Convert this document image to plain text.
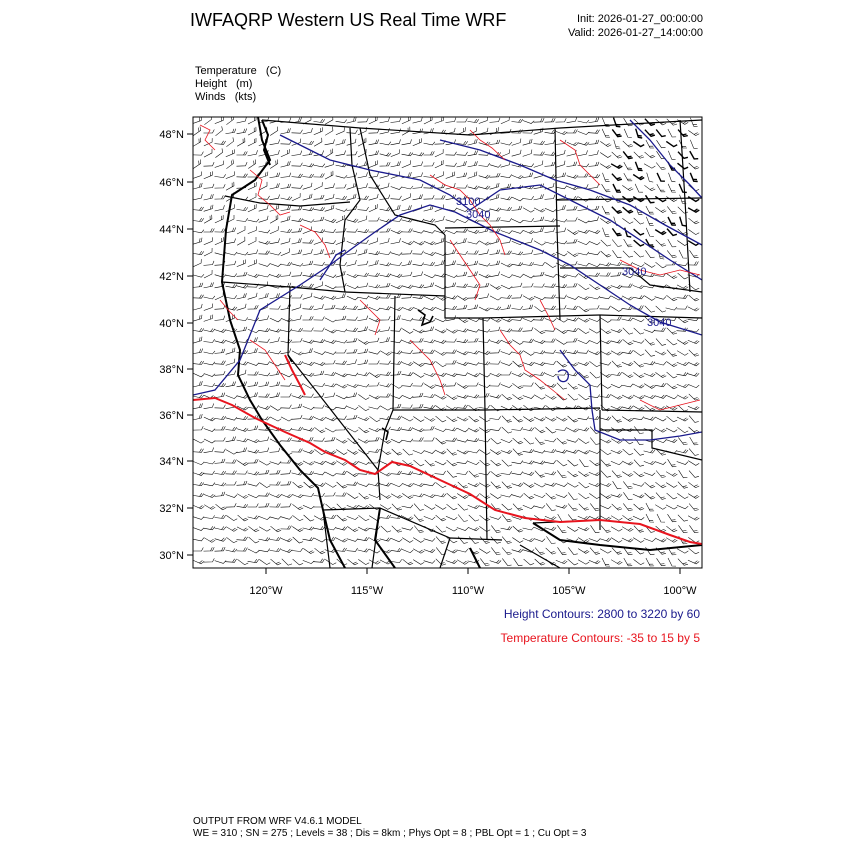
IWFAQRP Western US Real Time WRF	Init: 2026-01-27_00:00:00
Valid: 2026-01-27_14:00:00
Temperature   (C)
Height   (m)
Winds   (kts)
3040
3040
3040
3100
48°N
46°N
44°N
42°N
40°N
38°N
36°N
34°N
32°N
30°N
120°W	115°W	110°W	105°W	100°W
Height Contours: 2800 to 3220 by 60
Temperature Contours: -35 to 15 by 5
OUTPUT FROM WRF V4.6.1 MODEL
WE = 310 ; SN = 275 ; Levels = 38 ; Dis = 8km ; Phys Opt = 8 ; PBL Opt = 1 ; Cu Opt = 3
